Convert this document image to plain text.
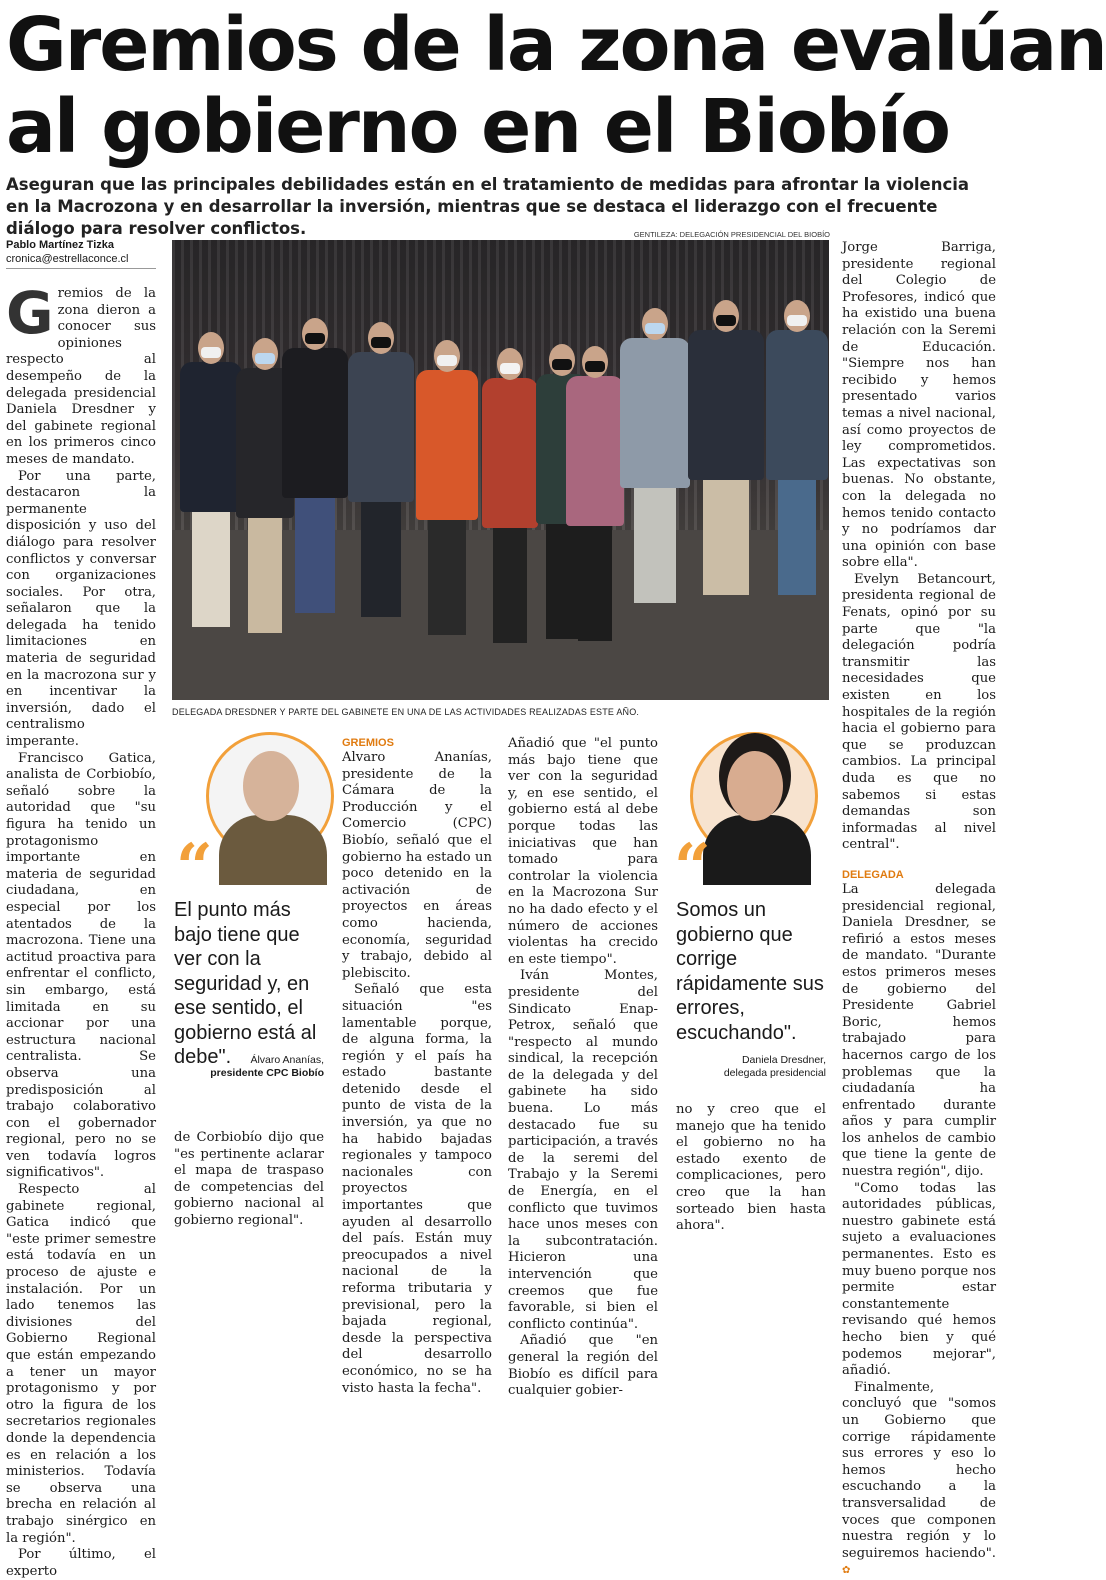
Gremios de la zona evalúan
al gobierno en el Biobío
Aseguran que las principales debilidades están en el tratamiento de medidas para afrontar la violencia en la Macrozona y en desarrollar la inversión, mientras que se destaca el liderazgo con el frecuente diálogo para resolver conflictos.
Pablo Martínez Tizka
cronica@estrellaconce.cl
GENTILEZA: DELEGACIÓN PRESIDENCIAL DEL BIOBÍO
DELEGADA DRESDNER Y PARTE DEL GABINETE EN UNA DE LAS ACTIVIDADES REALIZADAS ESTE AÑO.

Gremios de la zona dieron a conocer sus opiniones respecto al desempeño de la delegada presidencial Daniela Dresdner y del gabinete regional en los primeros cinco meses de mandato.

Por una parte, destacaron la permanente disposición y uso del diálogo para resolver conflictos y conversar con organizaciones sociales. Por otra, señalaron que la delegada ha tenido limitaciones en materia de seguridad en la macrozona sur y en incentivar la inversión, dado el centralismo imperante.

Francisco Gatica, analista de Corbiobío, señaló sobre la autoridad que "su figura ha tenido un protagonismo importante en materia de seguridad ciudadana, en especial por los atentados de la macrozona. Tiene una actitud proactiva para enfrentar el conflicto, sin embargo, está limitada en su accionar por una estructura nacional centralista. Se observa una predisposición al trabajo colaborativo con el gobernador regional, pero no se ven todavía logros significativos".

Respecto al gabinete regional, Gatica indicó que "este primer semestre está todavía en un proceso de ajuste e instalación. Por un lado tenemos las divisiones del Gobierno Regional que están empezando a tener un mayor protagonismo y por otro la figura de los secretarios regionales donde la dependencia es en relación a los ministerios. Todavía se observa una brecha en relación al trabajo sinérgico en la región".

Por último, el experto

“
El punto más bajo tiene que ver con la seguridad y, en ese sentido, el gobierno está al debe".	Álvaro Ananías,
presidente CPC Biobío

de Corbiobío dijo que "es pertinente aclarar el mapa de traspaso de competencias del gobierno nacional al gobierno regional".

GREMIOS

Alvaro Ananías, presidente de la Cámara de la Producción y el Comercio (CPC) Biobío, señaló que el gobierno ha estado un poco detenido en la activación de proyectos en áreas como hacienda, economía, seguridad y trabajo, debido al plebiscito.

Señaló que esta situación "es lamentable porque, de alguna forma, la región y el país ha estado bastante detenido desde el punto de vista de la inversión, ya que no ha habido bajadas regionales y tampoco nacionales con proyectos importantes que ayuden al desarrollo del país. Están muy preocupados a nivel nacional de la reforma tributaria y previsional, pero la bajada regional, desde la perspectiva del desarrollo económico, no se ha visto hasta la fecha".

Añadió que "el punto más bajo tiene que ver con la seguridad y, en ese sentido, el gobierno está al debe porque todas las iniciativas que han tomado para controlar la violencia en la Macrozona Sur no ha dado efecto y el número de acciones violentas ha crecido en este tiempo".

Iván Montes, presidente del Sindicato Enap-Petrox, señaló que "respecto al mundo sindical, la recepción de la delegada y del gabinete ha sido buena. Lo más destacado fue su participación, a través de la seremi del Trabajo y la Seremi de Energía, en el conflicto que tuvimos hace unos meses con la subcontratación. Hicieron una intervención que creemos que fue favorable, si bien el conflicto continúa".

Añadió que "en general la región del Biobío es difícil para cualquier gobier-

“
Somos un gobierno que corrige rápidamente sus errores, escuchando".
Daniela Dresdner,
delegada presidencial

no y creo que el manejo que ha tenido el gobierno no ha estado exento de complicaciones, pero creo que la han sorteado bien hasta ahora".

Jorge Barriga, presidente regional del Colegio de Profesores, indicó que ha existido una buena relación con la Seremi de Educación. "Siempre nos han recibido y hemos presentado varios temas a nivel nacional, así como proyectos de ley comprometidos. Las expectativas son buenas. No obstante, con la delegada no hemos tenido contacto y no podríamos dar una opinión con base sobre ella".

Evelyn Betancourt, presidenta regional de Fenats, opinó por su parte que "la delegación podría transmitir las necesidades que existen en los hospitales de la región hacia el gobierno para que se produzcan cambios. La principal duda es que no sabemos si estas demandas son informadas al nivel central".

DELEGADA

La delegada presidencial regional, Daniela Dresdner, se refirió a estos meses de mandato. "Durante estos primeros meses de gobierno del Presidente Gabriel Boric, hemos trabajado para hacernos cargo de los problemas que la ciudadanía ha enfrentado durante años y para cumplir los anhelos de cambio que tiene la gente de nuestra región", dijo.

"Como todas las autoridades públicas, nuestro gabinete está sujeto a evaluaciones permanentes. Esto es muy bueno porque nos permite estar constantemente revisando qué hemos hecho bien y qué podemos mejorar", añadió.

Finalmente, concluyó que "somos un Gobierno que corrige rápidamente sus errores y eso lo hemos hecho escuchando a la transversalidad de voces que componen nuestra región y lo seguiremos haciendo". ✿
